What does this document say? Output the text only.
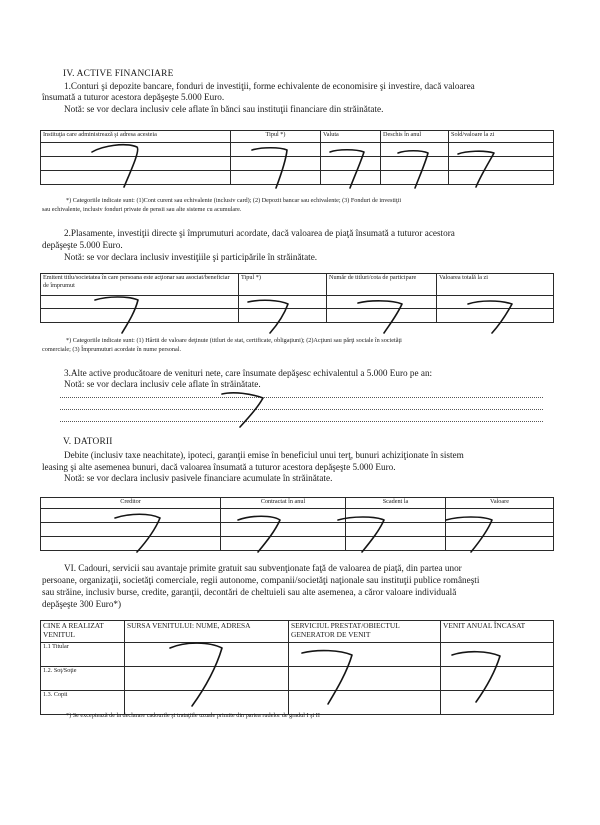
IV. ACTIVE FINANCIARE
1.Conturi şi depozite bancare, fonduri de investiţii, forme echivalente de economisire şi investire, dacă valoarea
însumată a tuturor acestora depăşeşte 5.000 Euro.
Notă: se vor declara inclusiv cele aflate în bănci sau instituţii financiare din străinătate.
Instituţia care administrează şi adresa acesteia	Tipul *)	Valuta	Deschis în anul	Sold/valoare la zi

*) Categoriile indicate sunt: (1)Cont curent sau echivalente (inclusiv card); (2) Depozit bancar sau echivalente; (3) Fonduri de investiţii
sau echivalente, inclusiv fonduri private de pensii sau alte sisteme cu acumulare.
2.Plasamente, investiţii directe şi împrumuturi acordate, dacă valoarea de piaţă însumată a tuturor acestora
depăşeşte 5.000 Euro.
Notă: se vor declara inclusiv investiţiile şi participările în străinătate.
Emitent titlu/societatea în care persoana este acţionar sau asociat/beneficiar de împrumut	Tipul *)	Număr de titluri/cota de participare	Valoarea totală la zi

*) Categoriile indicate sunt: (1) Hârtii de valoare deţinute (titluri de stat, certificate, obligaţiuni); (2)Acţiuni sau părţi sociale în societăţi
comerciale; (3) Împrumuturi acordate în nume personal.
3.Alte active producătoare de venituri nete, care însumate depăşesc echivalentul a 5.000 Euro pe an:
Notă: se vor declara inclusiv cele aflate în străinătate.
V. DATORII
Debite (inclusiv taxe neachitate), ipoteci, garanţii emise în beneficiul unui terţ, bunuri achiziţionate în sistem
leasing şi alte asemenea bunuri, dacă valoarea însumată a tuturor acestora depăşeşte 5.000 Euro.
Notă: se vor declara inclusiv pasivele financiare acumulate în străinătate.
Creditor	Contractat în anul	Scadent la	Valoare

VI. Cadouri, servicii sau avantaje primite gratuit sau subvenţionate faţă de valoarea de piaţă, din partea unor
persoane, organizaţii, societăţi comerciale, regii autonome, companii/societăţi naţionale sau instituţii publice româneşti
sau străine, inclusiv burse, credite, garanţii, decontări de cheltuieli sau alte asemenea, a căror valoare individuală
depăşeşte 300 Euro*)
CINE A REALIZAT VENITUL	SURSA VENITULUI: NUME, ADRESA	SERVICIUL PRESTAT/OBIECTUL GENERATOR DE VENIT	VENIT ANUAL ÎNCASAT
1.1 Titular			
1.2. Soţ/Soţie			
1.3. Copii			
*) Se exceptează de la declarare cadourile şi trataţiile uzuale primite din partea rudelor de gradul I şi II
